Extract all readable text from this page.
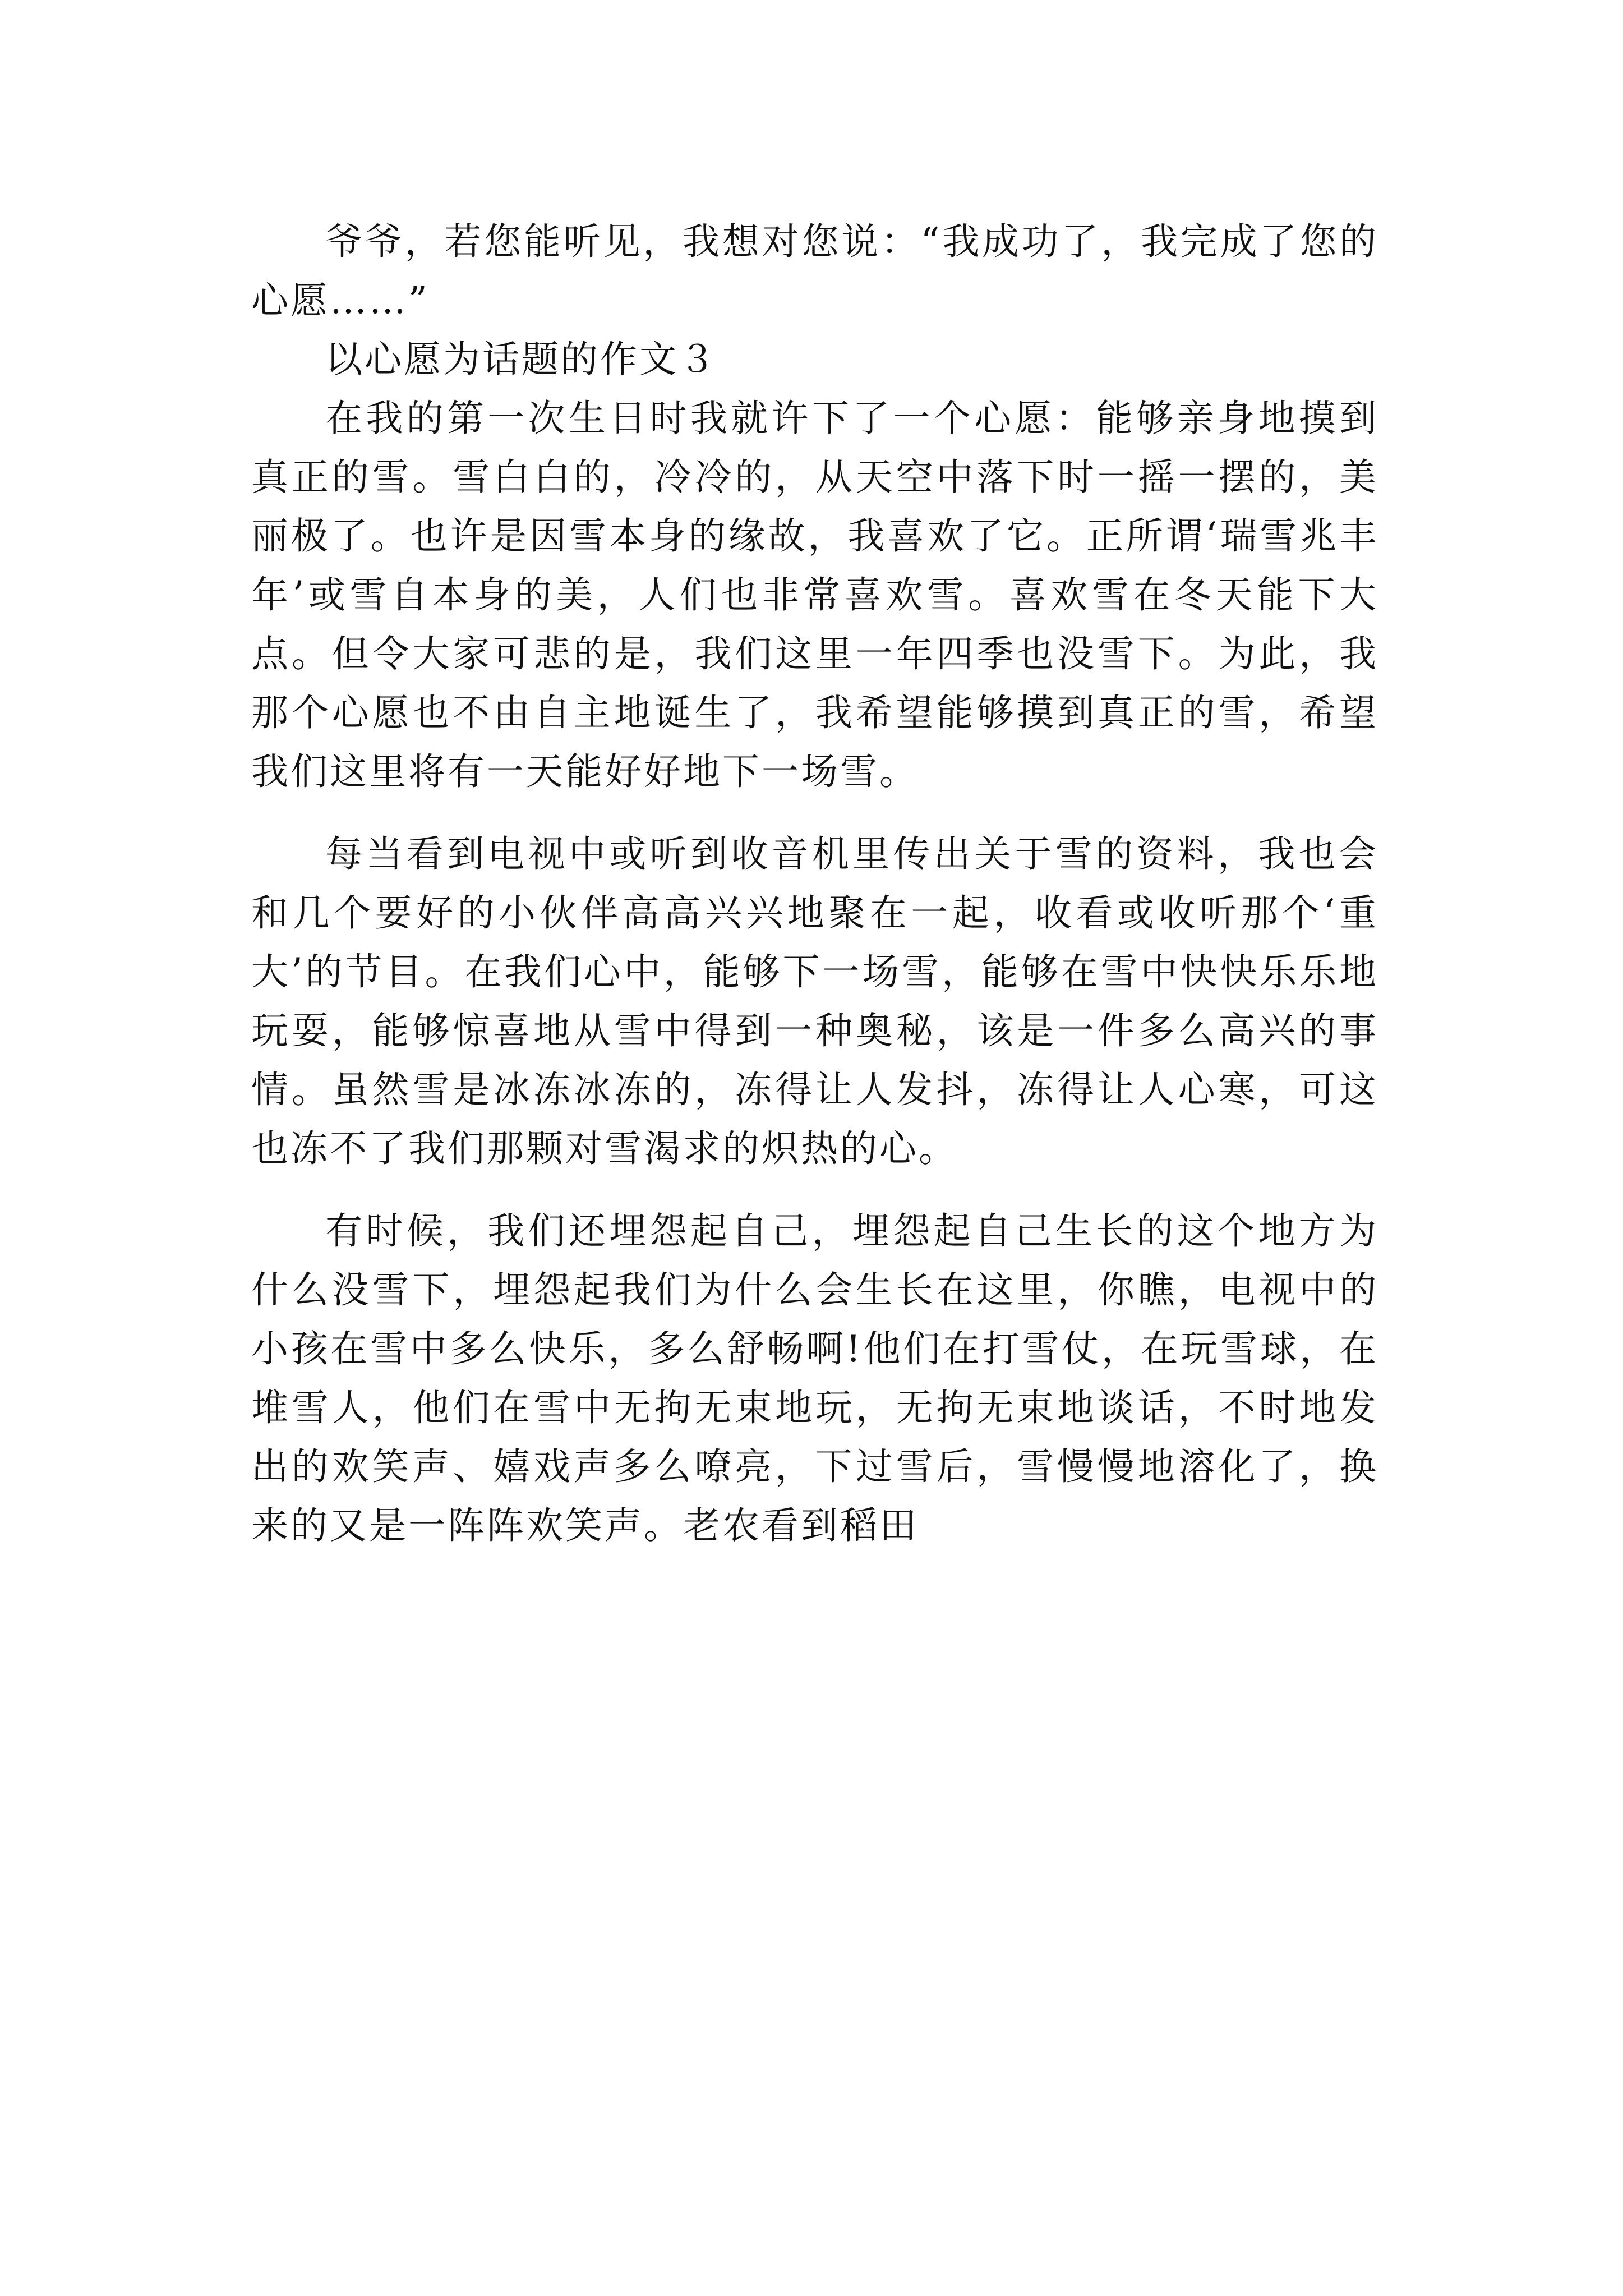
爷爷，若您能听见，我想对您说：“我成功了，我完成了您的心愿……”

以心愿为话题的作文３

在我的第一次生日时我就许下了一个心愿：能够亲身地摸到真正的雪。雪白白的，冷冷的，从天空中落下时一摇一摆的，美丽极了。也许是因雪本身的缘故，我喜欢了它。正所谓‘瑞雪兆丰年’或雪自本身的美，人们也非常喜欢雪。喜欢雪在冬天能下大点。但令大家可悲的是，我们这里一年四季也没雪下。为此，我那个心愿也不由自主地诞生了，我希望能够摸到真正的雪，希望我们这里将有一天能好好地下一场雪。

每当看到电视中或听到收音机里传出关于雪的资料，我也会和几个要好的小伙伴高高兴兴地聚在一起，收看或收听那个‘重大’的节目。在我们心中，能够下一场雪，能够在雪中快快乐乐地玩耍，能够惊喜地从雪中得到一种奥秘，该是一件多么高兴的事情。虽然雪是冰冻冰冻的，冻得让人发抖，冻得让人心寒，可这也冻不了我们那颗对雪渴求的炽热的心。

有时候，我们还埋怨起自己，埋怨起自己生长的这个地方为什么没雪下，埋怨起我们为什么会生长在这里，你瞧，电视中的小孩在雪中多么快乐，多么舒畅啊!他们在打雪仗，在玩雪球，在堆雪人，他们在雪中无拘无束地玩，无拘无束地谈话，不时地发出的欢笑声、嬉戏声多么嘹亮，下过雪后，雪慢慢地溶化了，换来的又是一阵阵欢笑声。老农看到稻田
